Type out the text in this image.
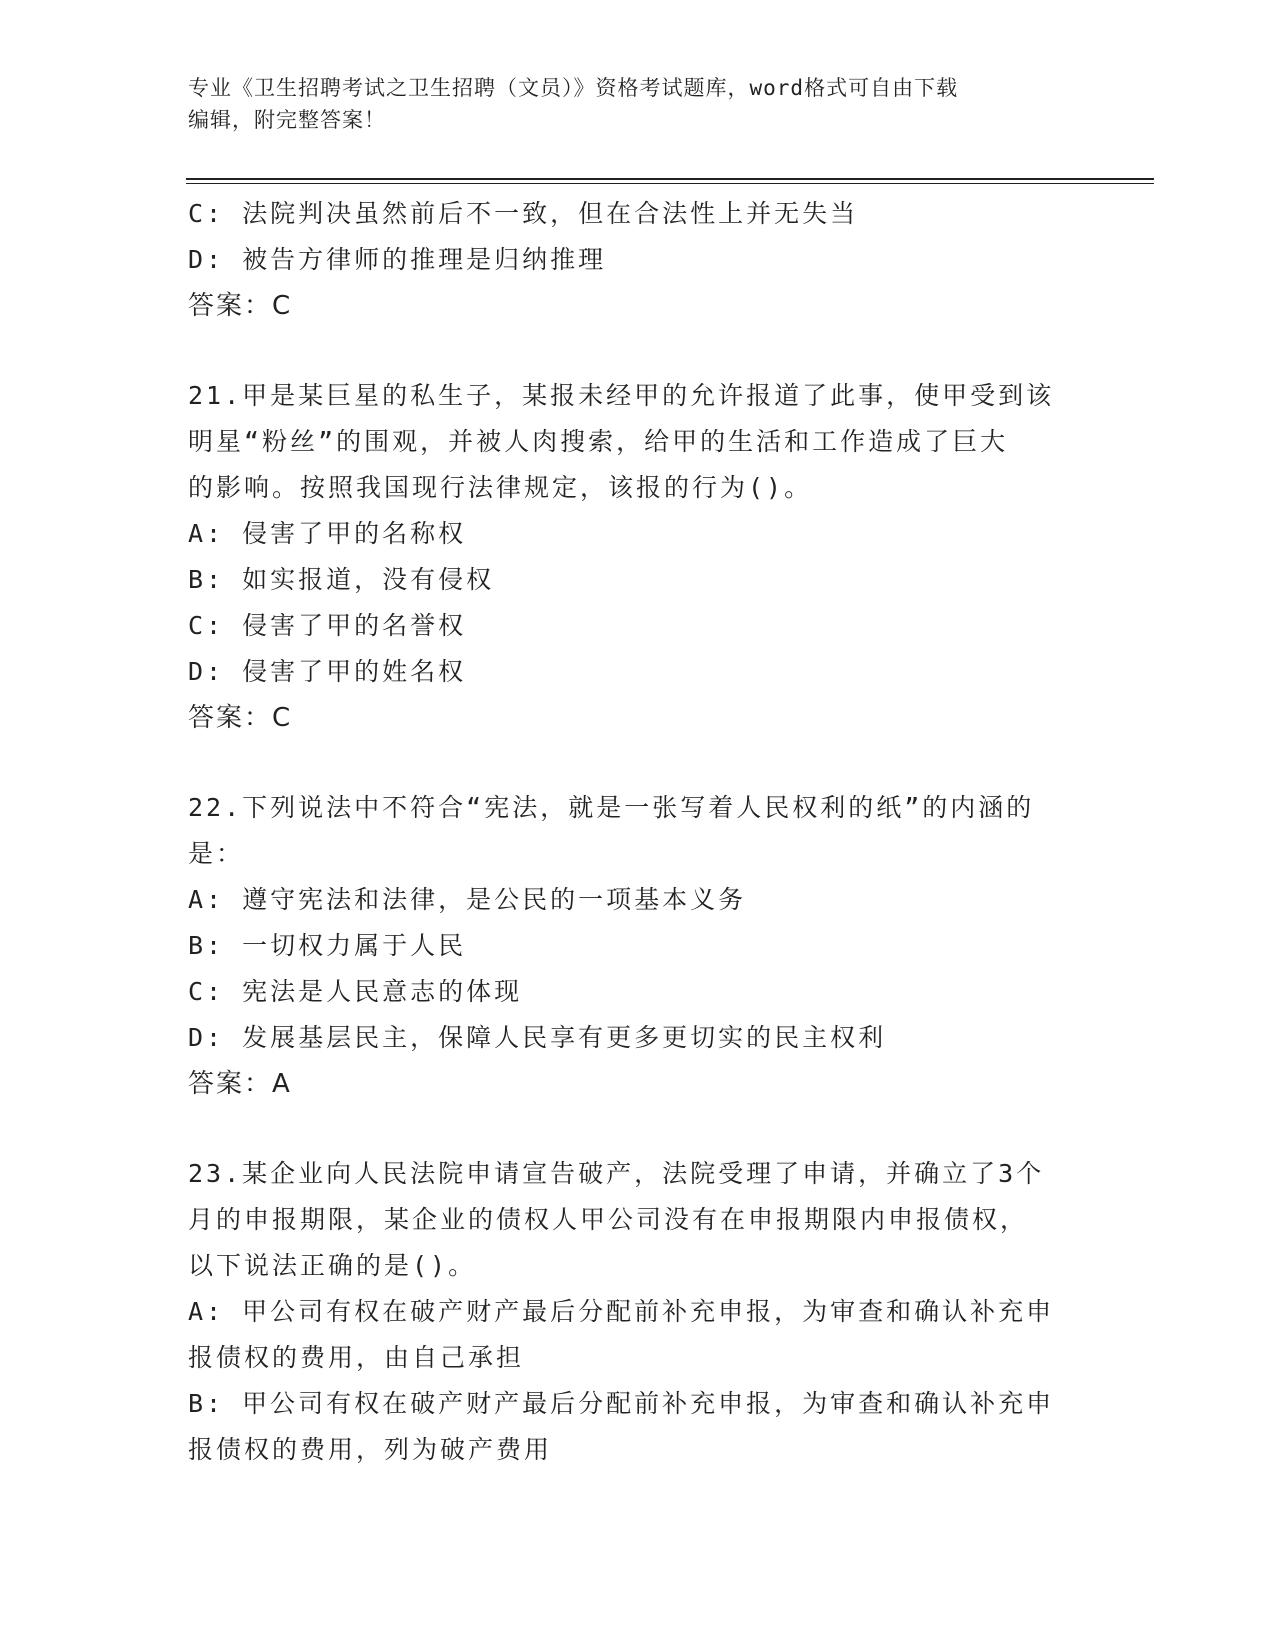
专业《卫生招聘考试之卫生招聘（文员）》资格考试题库，word格式可自由下载
编辑，附完整答案！
C: 法院判决虽然前后不一致，但在合法性上并无失当
D: 被告方律师的推理是归纳推理
答案：C
21.甲是某巨星的私生子，某报未经甲的允许报道了此事，使甲受到该
明星“粉丝”的围观，并被人肉搜索，给甲的生活和工作造成了巨大
的影响。按照我国现行法律规定，该报的行为()。
A: 侵害了甲的名称权
B: 如实报道，没有侵权
C: 侵害了甲的名誉权
D: 侵害了甲的姓名权
答案：C
22.下列说法中不符合“宪法，就是一张写着人民权利的纸”的内涵的
是：
A: 遵守宪法和法律，是公民的一项基本义务
B: 一切权力属于人民
C: 宪法是人民意志的体现
D: 发展基层民主，保障人民享有更多更切实的民主权利
答案：A
23.某企业向人民法院申请宣告破产，法院受理了申请，并确立了3个
月的申报期限，某企业的债权人甲公司没有在申报期限内申报债权，
以下说法正确的是()。
A: 甲公司有权在破产财产最后分配前补充申报，为审查和确认补充申
报债权的费用，由自己承担
B: 甲公司有权在破产财产最后分配前补充申报，为审查和确认补充申
报债权的费用，列为破产费用
